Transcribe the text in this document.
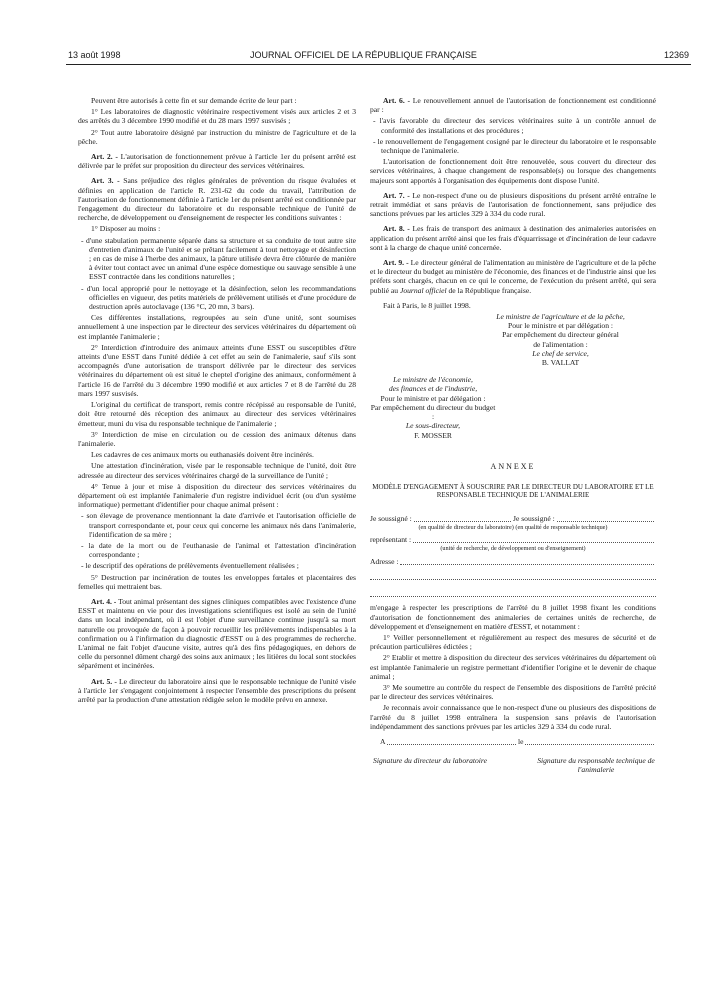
13 août 1998	JOURNAL OFFICIEL DE LA RÉPUBLIQUE FRANÇAISE	12369

Peuvent être autorisés à cette fin et sur demande écrite de leur part :

1° Les laboratoires de diagnostic vétérinaire respectivement visés aux articles 2 et 3 des arrêtés du 3 décembre 1990 modifié et du 28 mars 1997 susvisés ;

2° Tout autre laboratoire désigné par instruction du ministre de l'agriculture et de la pêche.

Art. 2. - L'autorisation de fonctionnement prévue à l'article 1er du présent arrêté est délivrée par le préfet sur proposition du directeur des services vétérinaires.

Art. 3. - Sans préjudice des règles générales de prévention du risque évaluées et définies en application de l'article R. 231-62 du code du travail, l'attribution de l'autorisation de fonctionnement définie à l'article 1er du présent arrêté est conditionnée par l'engagement du directeur du laboratoire et du responsable technique de l'unité de recherche, de développement ou d'enseignement de respecter les conditions suivantes :

1° Disposer au moins :

- d'une stabulation permanente séparée dans sa structure et sa conduite de tout autre site d'entretien d'animaux de l'unité et se prêtant facilement à tout nettoyage et désinfection ; en cas de mise à l'herbe des animaux, la pâture utilisée devra être clôturée de manière à éviter tout contact avec un animal d'une espèce domestique ou sauvage sensible à une ESST contractée dans les conditions naturelles ;

- d'un local approprié pour le nettoyage et la désinfection, selon les recommandations officielles en vigueur, des petits matériels de prélèvement utilisés et d'une procédure de destruction après autoclavage (136 °C, 20 mn, 3 bars).

Ces différentes installations, regroupées au sein d'une unité, sont soumises annuellement à une inspection par le directeur des services vétérinaires du département où est implantée l'animalerie ;

2° Interdiction d'introduire des animaux atteints d'une ESST ou susceptibles d'être atteints d'une ESST dans l'unité dédiée à cet effet au sein de l'animalerie, sauf s'ils sont accompagnés d'une autorisation de transport délivrée par le directeur des services vétérinaires du département où est situé le cheptel d'origine des animaux, conformément à l'article 16 de l'arrêté du 3 décembre 1990 modifié et aux articles 7 et 8 de l'arrêté du 28 mars 1997 susvisés.

L'original du certificat de transport, remis contre récépissé au responsable de l'unité, doit être retourné dès réception des animaux au directeur des services vétérinaires émetteur, muni du visa du responsable technique de l'animalerie ;

3° Interdiction de mise en circulation ou de cession des animaux détenus dans l'animalerie.

Les cadavres de ces animaux morts ou euthanasiés doivent être incinérés.

Une attestation d'incinération, visée par le responsable technique de l'unité, doit être adressée au directeur des services vétérinaires chargé de la surveillance de l'unité ;

4° Tenue à jour et mise à disposition du directeur des services vétérinaires du département où est implantée l'animalerie d'un registre individuel écrit (ou d'un système informatique) permettant d'identifier pour chaque animal présent :

- son élevage de provenance mentionnant la date d'arrivée et l'autorisation officielle de transport correspondante et, pour ceux qui concerne les animaux nés dans l'animalerie, l'identification de sa mère ;

- la date de la mort ou de l'euthanasie de l'animal et l'attestation d'incinération correspondante ;

- le descriptif des opérations de prélèvements éventuellement réalisées ;

5° Destruction par incinération de toutes les enveloppes fœtales et placentaires des femelles qui mettraient bas.

Art. 4. - Tout animal présentant des signes cliniques compatibles avec l'existence d'une ESST et maintenu en vie pour des investigations scientifiques est isolé au sein de l'unité dans un local indépendant, où il est l'objet d'une surveillance continue jusqu'à sa mort naturelle ou provoquée de façon à pouvoir recueillir les prélèvements indispensables à la confirmation ou à l'infirmation du diagnostic d'ESST ou à des programmes de recherche. L'animal ne fait l'objet d'aucune visite, autres qu'à des fins pédagogiques, en dehors de celle du personnel dûment chargé des soins aux animaux ; les litières du local sont stockées séparément et incinérées.

Art. 5. - Le directeur du laboratoire ainsi que le responsable technique de l'unité visée à l'article 1er s'engagent conjointement à respecter l'ensemble des prescriptions du présent arrêté par la production d'une attestation rédigée selon le modèle prévu en annexe.

Art. 6. - Le renouvellement annuel de l'autorisation de fonctionnement est conditionné par :

- l'avis favorable du directeur des services vétérinaires suite à un contrôle annuel de conformité des installations et des procédures ;

- le renouvellement de l'engagement cosigné par le directeur du laboratoire et le responsable technique de l'animalerie.

L'autorisation de fonctionnement doit être renouvelée, sous couvert du directeur des services vétérinaires, à chaque changement de responsable(s) ou lorsque des changements majeurs sont apportés à l'organisation des équipements dont dispose l'unité.

Art. 7. - Le non-respect d'une ou de plusieurs dispositions du présent arrêté entraîne le retrait immédiat et sans préavis de l'autorisation de fonctionnement, sans préjudice des sanctions prévues par les articles 329 à 334 du code rural.

Art. 8. - Les frais de transport des animaux à destination des animaleries autorisées en application du présent arrêté ainsi que les frais d'équarrissage et d'incinération de leur cadavre sont à la charge de chaque unité concernée.

Art. 9. - Le directeur général de l'alimentation au ministère de l'agriculture et de la pêche et le directeur du budget au ministère de l'économie, des finances et de l'industrie ainsi que les préfets sont chargés, chacun en ce qui le concerne, de l'exécution du présent arrêté, qui sera publié au Journal officiel de la République française.

Fait à Paris, le 8 juillet 1998.

Le ministre de l'agriculture et de la pêche,
Pour le ministre et par délégation :
Par empêchement du directeur général
de l'alimentation :
Le chef de service,
B. VALLAT
Le ministre de l'économie,
des finances et de l'industrie,
Pour le ministre et par délégation :
Par empêchement du directeur du budget :
Le sous-directeur,
F. MOSSER
ANNEXE
MODÈLE D'ENGAGEMENT À SOUSCRIRE PAR LE DIRECTEUR DU LABORATOIRE ET LE RESPONSABLE TECHNIQUE DE L'ANIMALERIE
Je soussigné :	Je soussigné :
(en qualité de directeur du laboratoire) (en qualité de responsable technique)
représentant :
(unité de recherche, de développement ou d'enseignement)
Adresse :

m'engage à respecter les prescriptions de l'arrêté du 8 juillet 1998 fixant les conditions d'autorisation de fonctionnement des animaleries de certaines unités de recherche, de développement et d'enseignement en matière d'ESST, et notamment :

1° Veiller personnellement et régulièrement au respect des mesures de sécurité et de précaution particulières édictées ;

2° Etablir et mettre à disposition du directeur des services vétérinaires du département où est implantée l'animalerie un registre permettant d'identifier l'origine et le devenir de chaque animal ;

3° Me soumettre au contrôle du respect de l'ensemble des dispositions de l'arrêté précité par le directeur des services vétérinaires.

Je reconnais avoir connaissance que le non-respect d'une ou plusieurs des dispositions de l'arrêté du 8 juillet 1998 entraînera la suspension sans préavis de l'autorisation indépendamment des sanctions prévues par les articles 329 à 334 du code rural.

A	le
Signature du directeur du laboratoire	Signature du responsable technique de l'animalerie
